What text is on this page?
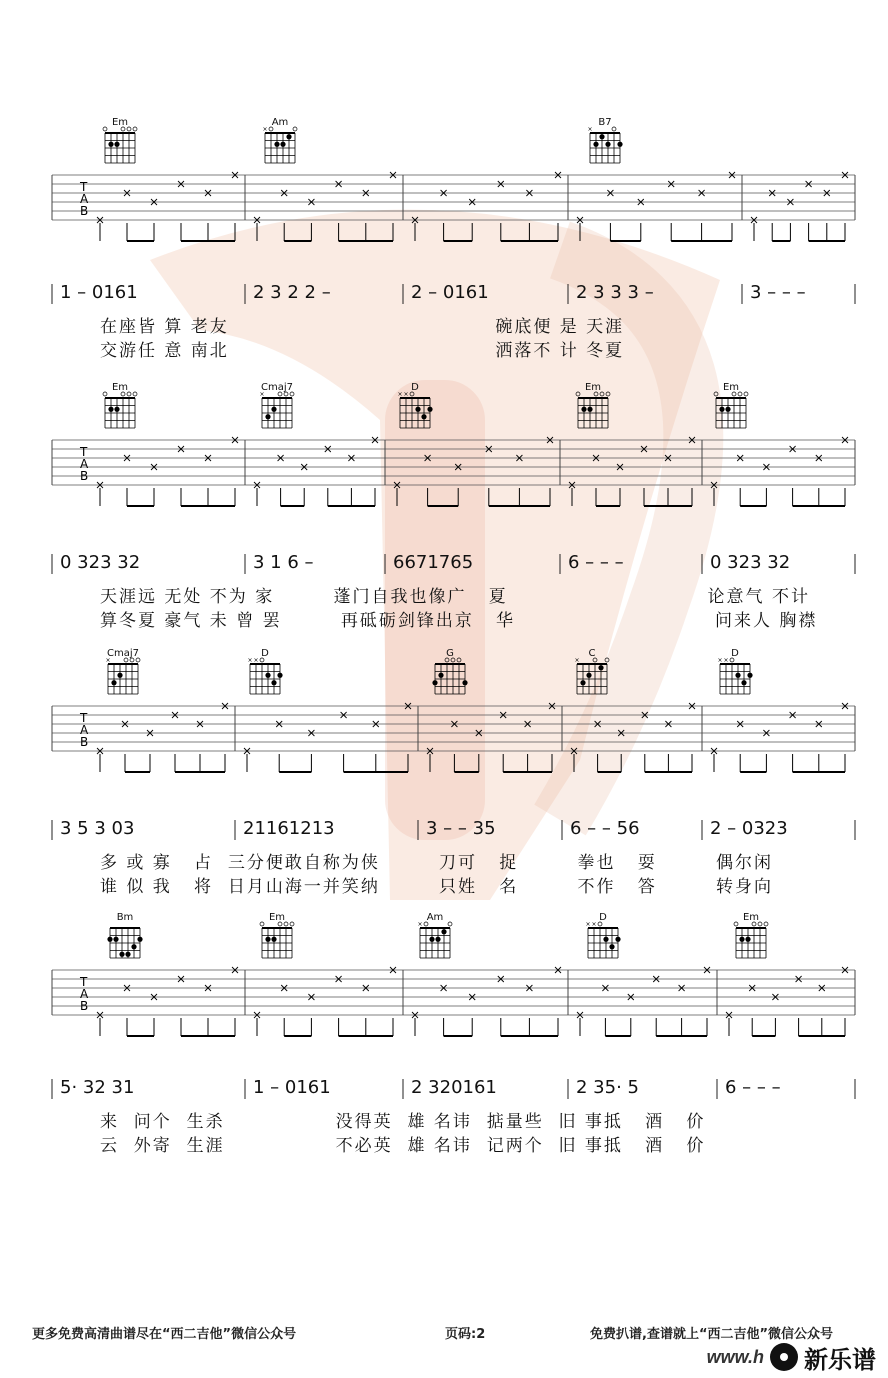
×	×
T
A
B
×	× ×
T
A
B
×	× ×	×	× ×
T
A
B
×	× ×
T
A
B
Em	Am	B7
1 – 0161	2 3 2 2 –	2 – 0161	2 3 3 3 –	3 – – –
在座皆 算 老友                                    碗底便 是 天涯
交游任 意 南北                                    洒落不 计 冬夏
Em	Cmaj7	D	Em	Em
0 323 32	3 1 6 –	6671765	6 – – –	0 323 32
天涯远 无处 不为 家        蓬门自我也像广   夏                           论意气 不计
算冬夏 豪气 未 曾 罢        再砥砺剑锋出京   华                           问来人 胸襟
Cmaj7	D	G	C	D
3 5 3 03	21161213	3 – – 35	6 – – 56	2 – 0323
多 或 寡   占  三分便敢自称为侠        刀可   捉        拳也   耍        偶尔闲
谁 似 我   将  日月山海一并笑纳        只姓   名        不作   答        转身向
Bm	Em	Am	D	Em
5· 32 31	1 – 0161	2 320161	2 35· 5	6 – – –
来  问个  生杀               没得英  雄 名讳  掂量些  旧 事抵   酒   价
云  外寄  生涯               不必英  雄 名讳  记两个  旧 事抵   酒   价
更多免费高清曲谱尽在“西二吉他”微信公众号	页码:2	免费扒谱,查谱就上“西二吉他”微信公众号
www.h 新乐谱
